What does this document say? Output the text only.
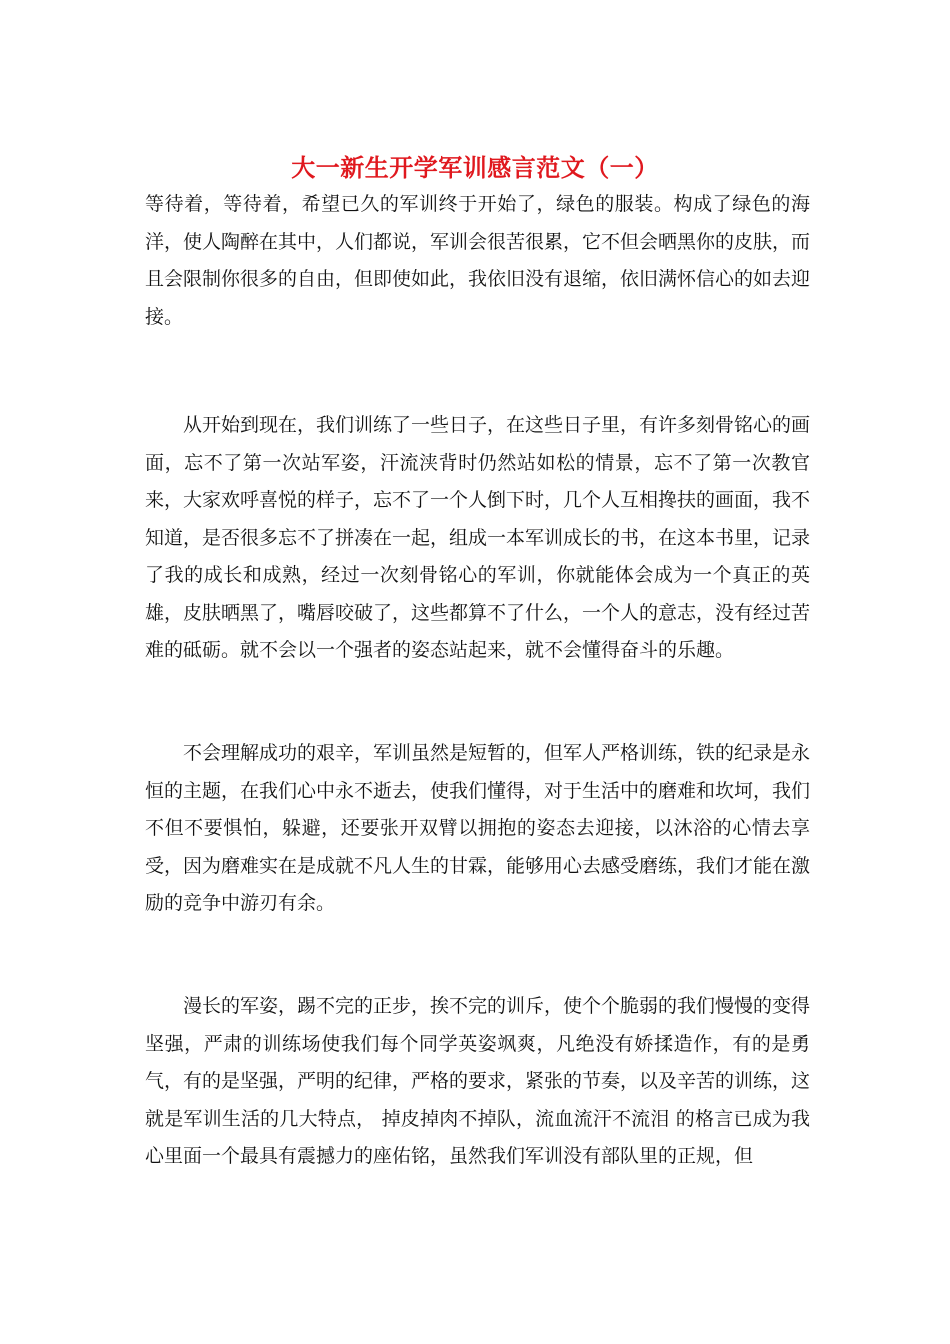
大一新生开学军训感言范文（一）

等待着，等待着，希望已久的军训终于开始了，绿色的服装。构成了绿色的海洋，使人陶醉在其中，人们都说，军训会很苦很累，它不但会晒黑你的皮肤，而且会限制你很多的自由，但即使如此，我依旧没有退缩，依旧满怀信心的如去迎接。

从开始到现在，我们训练了一些日子，在这些日子里，有许多刻骨铭心的画面，忘不了第一次站军姿，汗流浃背时仍然站如松的情景，忘不了第一次教官来，大家欢呼喜悦的样子，忘不了一个人倒下时，几个人互相搀扶的画面，我不知道，是否很多忘不了拼凑在一起，组成一本军训成长的书，在这本书里，记录了我的成长和成熟，经过一次刻骨铭心的军训，你就能体会成为一个真正的英雄，皮肤晒黑了，嘴唇咬破了，这些都算不了什么，一个人的意志，没有经过苦难的砥砺。就不会以一个强者的姿态站起来，就不会懂得奋斗的乐趣。

不会理解成功的艰辛，军训虽然是短暂的，但军人严格训练，铁的纪录是永恒的主题，在我们心中永不逝去，使我们懂得，对于生活中的磨难和坎坷，我们不但不要惧怕，躲避，还要张开双臂以拥抱的姿态去迎接，以沐浴的心情去享受，因为磨难实在是成就不凡人生的甘霖，能够用心去感受磨练，我们才能在激励的竞争中游刃有余。

漫长的军姿，踢不完的正步，挨不完的训斥，使个个脆弱的我们慢慢的变得坚强，严肃的训练场使我们每个同学英姿飒爽，凡绝没有娇揉造作，有的是勇气，有的是坚强，严明的纪律，严格的要求，紧张的节奏，以及辛苦的训练，这就是军训生活的几大特点， 掉皮掉肉不掉队，流血流汗不流泪 的格言已成为我心里面一个最具有震撼力的座佑铭，虽然我们军训没有部队里的正规，但
